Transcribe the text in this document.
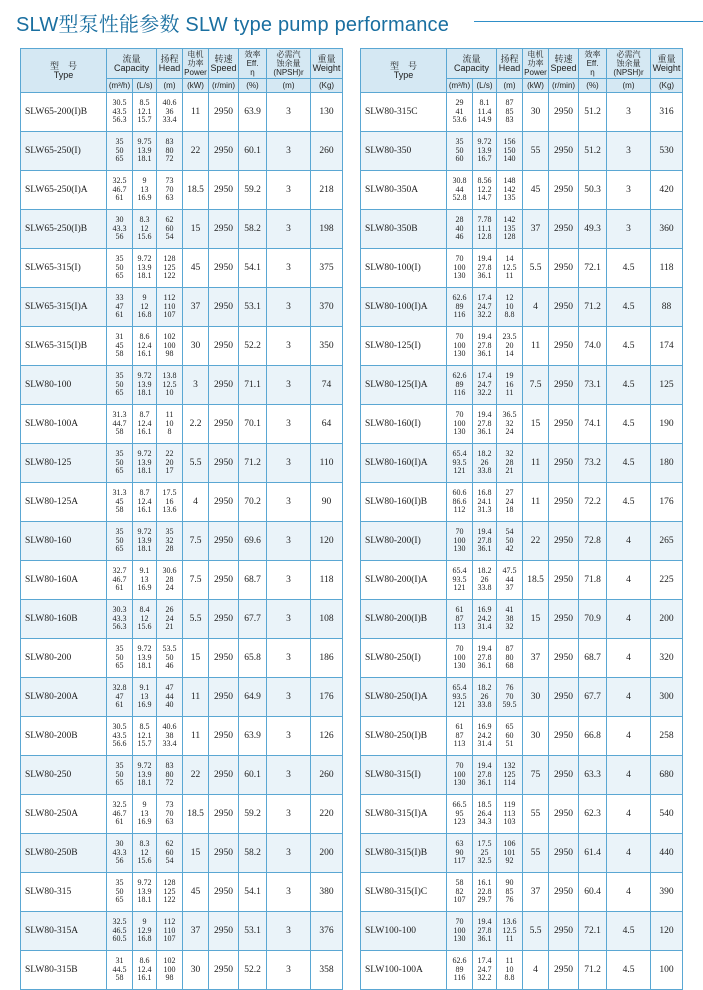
SLW型泵性能参数 SLW type pump performance
型　号
Type	流量
Capacity		扬程
Head	电机
功率
Power	转速
Speed	效率
Eff.
η	必需汽
蚀余量
(NPSH)r	重量
Weight

	(m³/h)	(L/s)	(m)	(kW)	(r/min)	(%)	(m)	(Kg)
SLW65-200(I)B	30.5
43.5
56.3	8.5
12.1
15.7	40.6
36
33.4	11	2950	63.9	3	130
SLW65-250(I)	35
50
65	9.75
13.9
18.1	83
80
72	22	2950	60.1	3	260
SLW65-250(I)A	32.5
46.7
61	9
13
16.9	73
70
63	18.5	2950	59.2	3	218
SLW65-250(I)B	30
43.3
56	8.3
12
15.6	62
60
54	15	2950	58.2	3	198
SLW65-315(I)	35
50
65	9.72
13.9
18.1	128
125
122	45	2950	54.1	3	375
SLW65-315(I)A	33
47
61	9
12
16.8	112
110
107	37	2950	53.1	3	370
SLW65-315(I)B	31
45
58	8.6
12.4
16.1	102
100
98	30	2950	52.2	3	350
SLW80-100	35
50
65	9.72
13.9
18.1	13.8
12.5
10	3	2950	71.1	3	74
SLW80-100A	31.3
44.7
58	8.7
12.4
16.1	11
10
8	2.2	2950	70.1	3	64
SLW80-125	35
50
65	9.72
13.9
18.1	22
20
17	5.5	2950	71.2	3	110
SLW80-125A	31.3
45
58	8.7
12.4
16.1	17.5
16
13.6	4	2950	70.2	3	90
SLW80-160	35
50
65	9.72
13.9
18.1	35
32
28	7.5	2950	69.6	3	120
SLW80-160A	32.7
46.7
61	9.1
13
16.9	30.6
28
24	7.5	2950	68.7	3	118
SLW80-160B	30.3
43.3
56.3	8.4
12
15.6	26
24
21	5.5	2950	67.7	3	108
SLW80-200	35
50
65	9.72
13.9
18.1	53.5
50
46	15	2950	65.8	3	186
SLW80-200A	32.8
47
61	9.1
13
16.9	47
44
40	11	2950	64.9	3	176
SLW80-200B	30.5
43.5
56.6	8.5
12.1
15.7	40.6
38
33.4	11	2950	63.9	3	126
SLW80-250	35
50
65	9.72
13.9
18.1	83
80
72	22	2950	60.1	3	260
SLW80-250A	32.5
46.7
61	9
13
16.9	73
70
63	18.5	2950	59.2	3	220
SLW80-250B	30
43.3
56	8.3
12
15.6	62
60
54	15	2950	58.2	3	200
SLW80-315	35
50
65	9.72
13.9
18.1	128
125
122	45	2950	54.1	3	380
SLW80-315A	32.5
46.5
60.5	9
12.9
16.8	112
110
107	37	2950	53.1	3	376
SLW80-315B	31
44.5
58	8.6
12.4
16.1	102
100
98	30	2950	52.2	3	358
型　号
Type	流量
Capacity		扬程
Head	电机
功率
Power	转速
Speed	效率
Eff.
η	必需汽
蚀余量
(NPSH)r	重量
Weight

	(m³/h)	(L/s)	(m)	(kW)	(r/min)	(%)	(m)	(Kg)
SLW80-315C	29
41
53.6	8.1
11.4
14.9	87
85
83	30	2950	51.2	3	316
SLW80-350	35
50
60	9.72
13.9
16.7	156
150
140	55	2950	51.2	3	530
SLW80-350A	30.8
44
52.8	8.56
12.2
14.7	148
142
135	45	2950	50.3	3	420
SLW80-350B	28
40
46	7.78
11.1
12.8	142
135
128	37	2950	49.3	3	360
SLW80-100(I)	70
100
130	19.4
27.8
36.1	14
12.5
11	5.5	2950	72.1	4.5	118
SLW80-100(I)A	62.6
89
116	17.4
24.7
32.2	12
10
8.8	4	2950	71.2	4.5	88
SLW80-125(I)	70
100
130	19.4
27.8
36.1	23.5
20
14	11	2950	74.0	4.5	174
SLW80-125(I)A	62.6
89
116	17.4
24.7
32.2	19
16
11	7.5	2950	73.1	4.5	125
SLW80-160(I)	70
100
130	19.4
27.8
36.1	36.5
32
24	15	2950	74.1	4.5	190
SLW80-160(I)A	65.4
93.5
121	18.2
26
33.8	32
28
21	11	2950	73.2	4.5	180
SLW80-160(I)B	60.6
86.6
112	16.8
24.1
31.3	27
24
18	11	2950	72.2	4.5	176
SLW80-200(I)	70
100
130	19.4
27.8
36.1	54
50
42	22	2950	72.8	4	265
SLW80-200(I)A	65.4
93.5
121	18.2
26
33.8	47.5
44
37	18.5	2950	71.8	4	225
SLW80-200(I)B	61
87
113	16.9
24.2
31.4	41
38
32	15	2950	70.9	4	200
SLW80-250(I)	70
100
130	19.4
27.8
36.1	87
80
68	37	2950	68.7	4	320
SLW80-250(I)A	65.4
93.5
121	18.2
26
33.8	76
70
59.5	30	2950	67.7	4	300
SLW80-250(I)B	61
87
113	16.9
24.2
31.4	65
60
51	30	2950	66.8	4	258
SLW80-315(I)	70
100
130	19.4
27.8
36.1	132
125
114	75	2950	63.3	4	680
SLW80-315(I)A	66.5
95
123	18.5
26.4
34.3	119
113
103	55	2950	62.3	4	540
SLW80-315(I)B	63
90
117	17.5
25
32.5	106
101
92	55	2950	61.4	4	440
SLW80-315(I)C	58
82
107	16.1
22.8
29.7	90
85
76	37	2950	60.4	4	390
SLW100-100	70
100
130	19.4
27.8
36.1	13.6
12.5
11	5.5	2950	72.1	4.5	120
SLW100-100A	62.6
89
116	17.4
24.7
32.2	11
10
8.8	4	2950	71.2	4.5	100
